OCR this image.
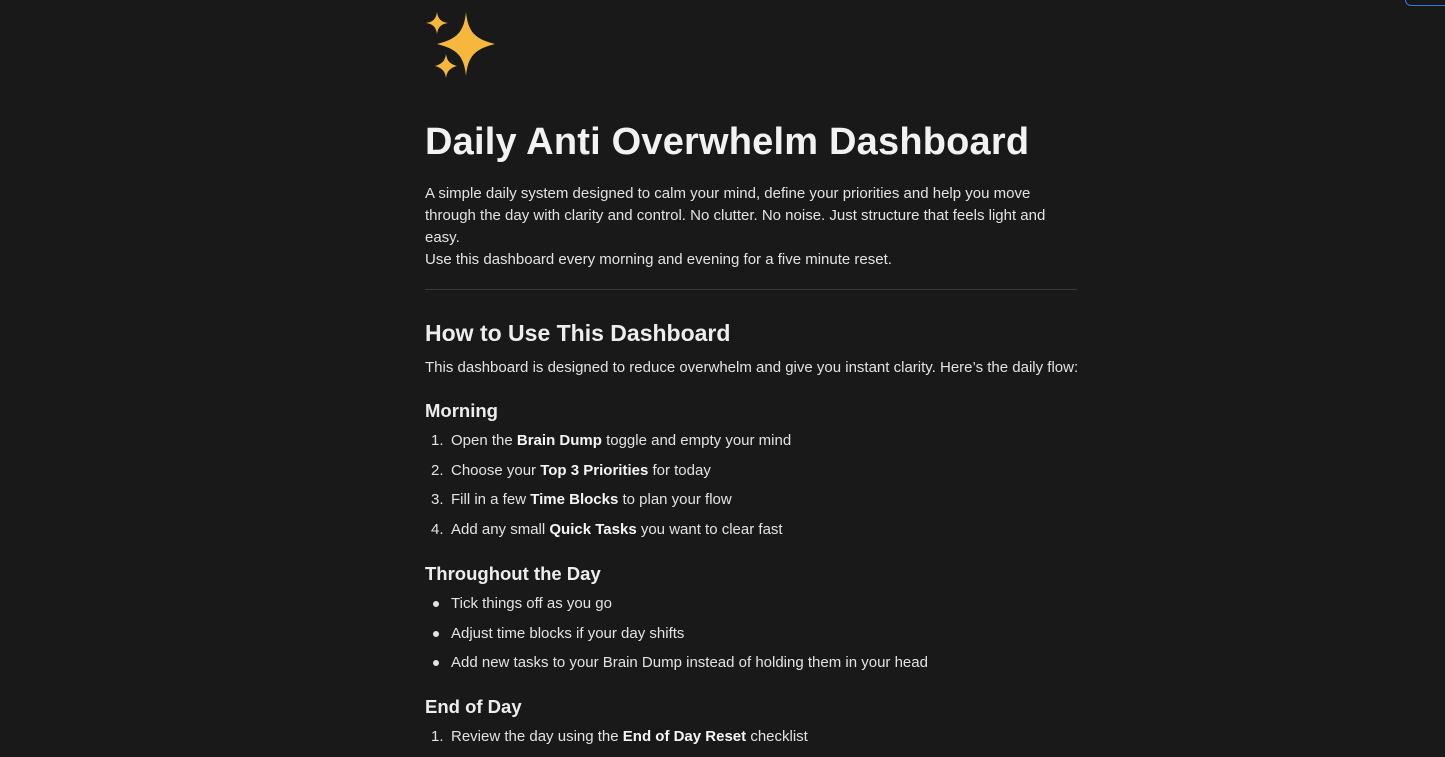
Daily Anti Overwhelm Dashboard

A simple daily system designed to calm your mind, define your priorities and help you move through the day with clarity and control. No clutter. No noise. Just structure that feels light and easy.

Use this dashboard every morning and evening for a five minute reset.

How to Use This Dashboard

This dashboard is designed to reduce overwhelm and give you instant clarity. Here’s the daily flow:

Morning
1. Open the Brain Dump toggle and empty your mind
2. Choose your Top 3 Priorities for today
3. Fill in a few Time Blocks to plan your flow
4. Add any small Quick Tasks you want to clear fast
Throughout the Day
Tick things off as you go
Adjust time blocks if your day shifts
Add new tasks to your Brain Dump instead of holding them in your head
End of Day
1. Review the day using the End of Day Reset checklist
